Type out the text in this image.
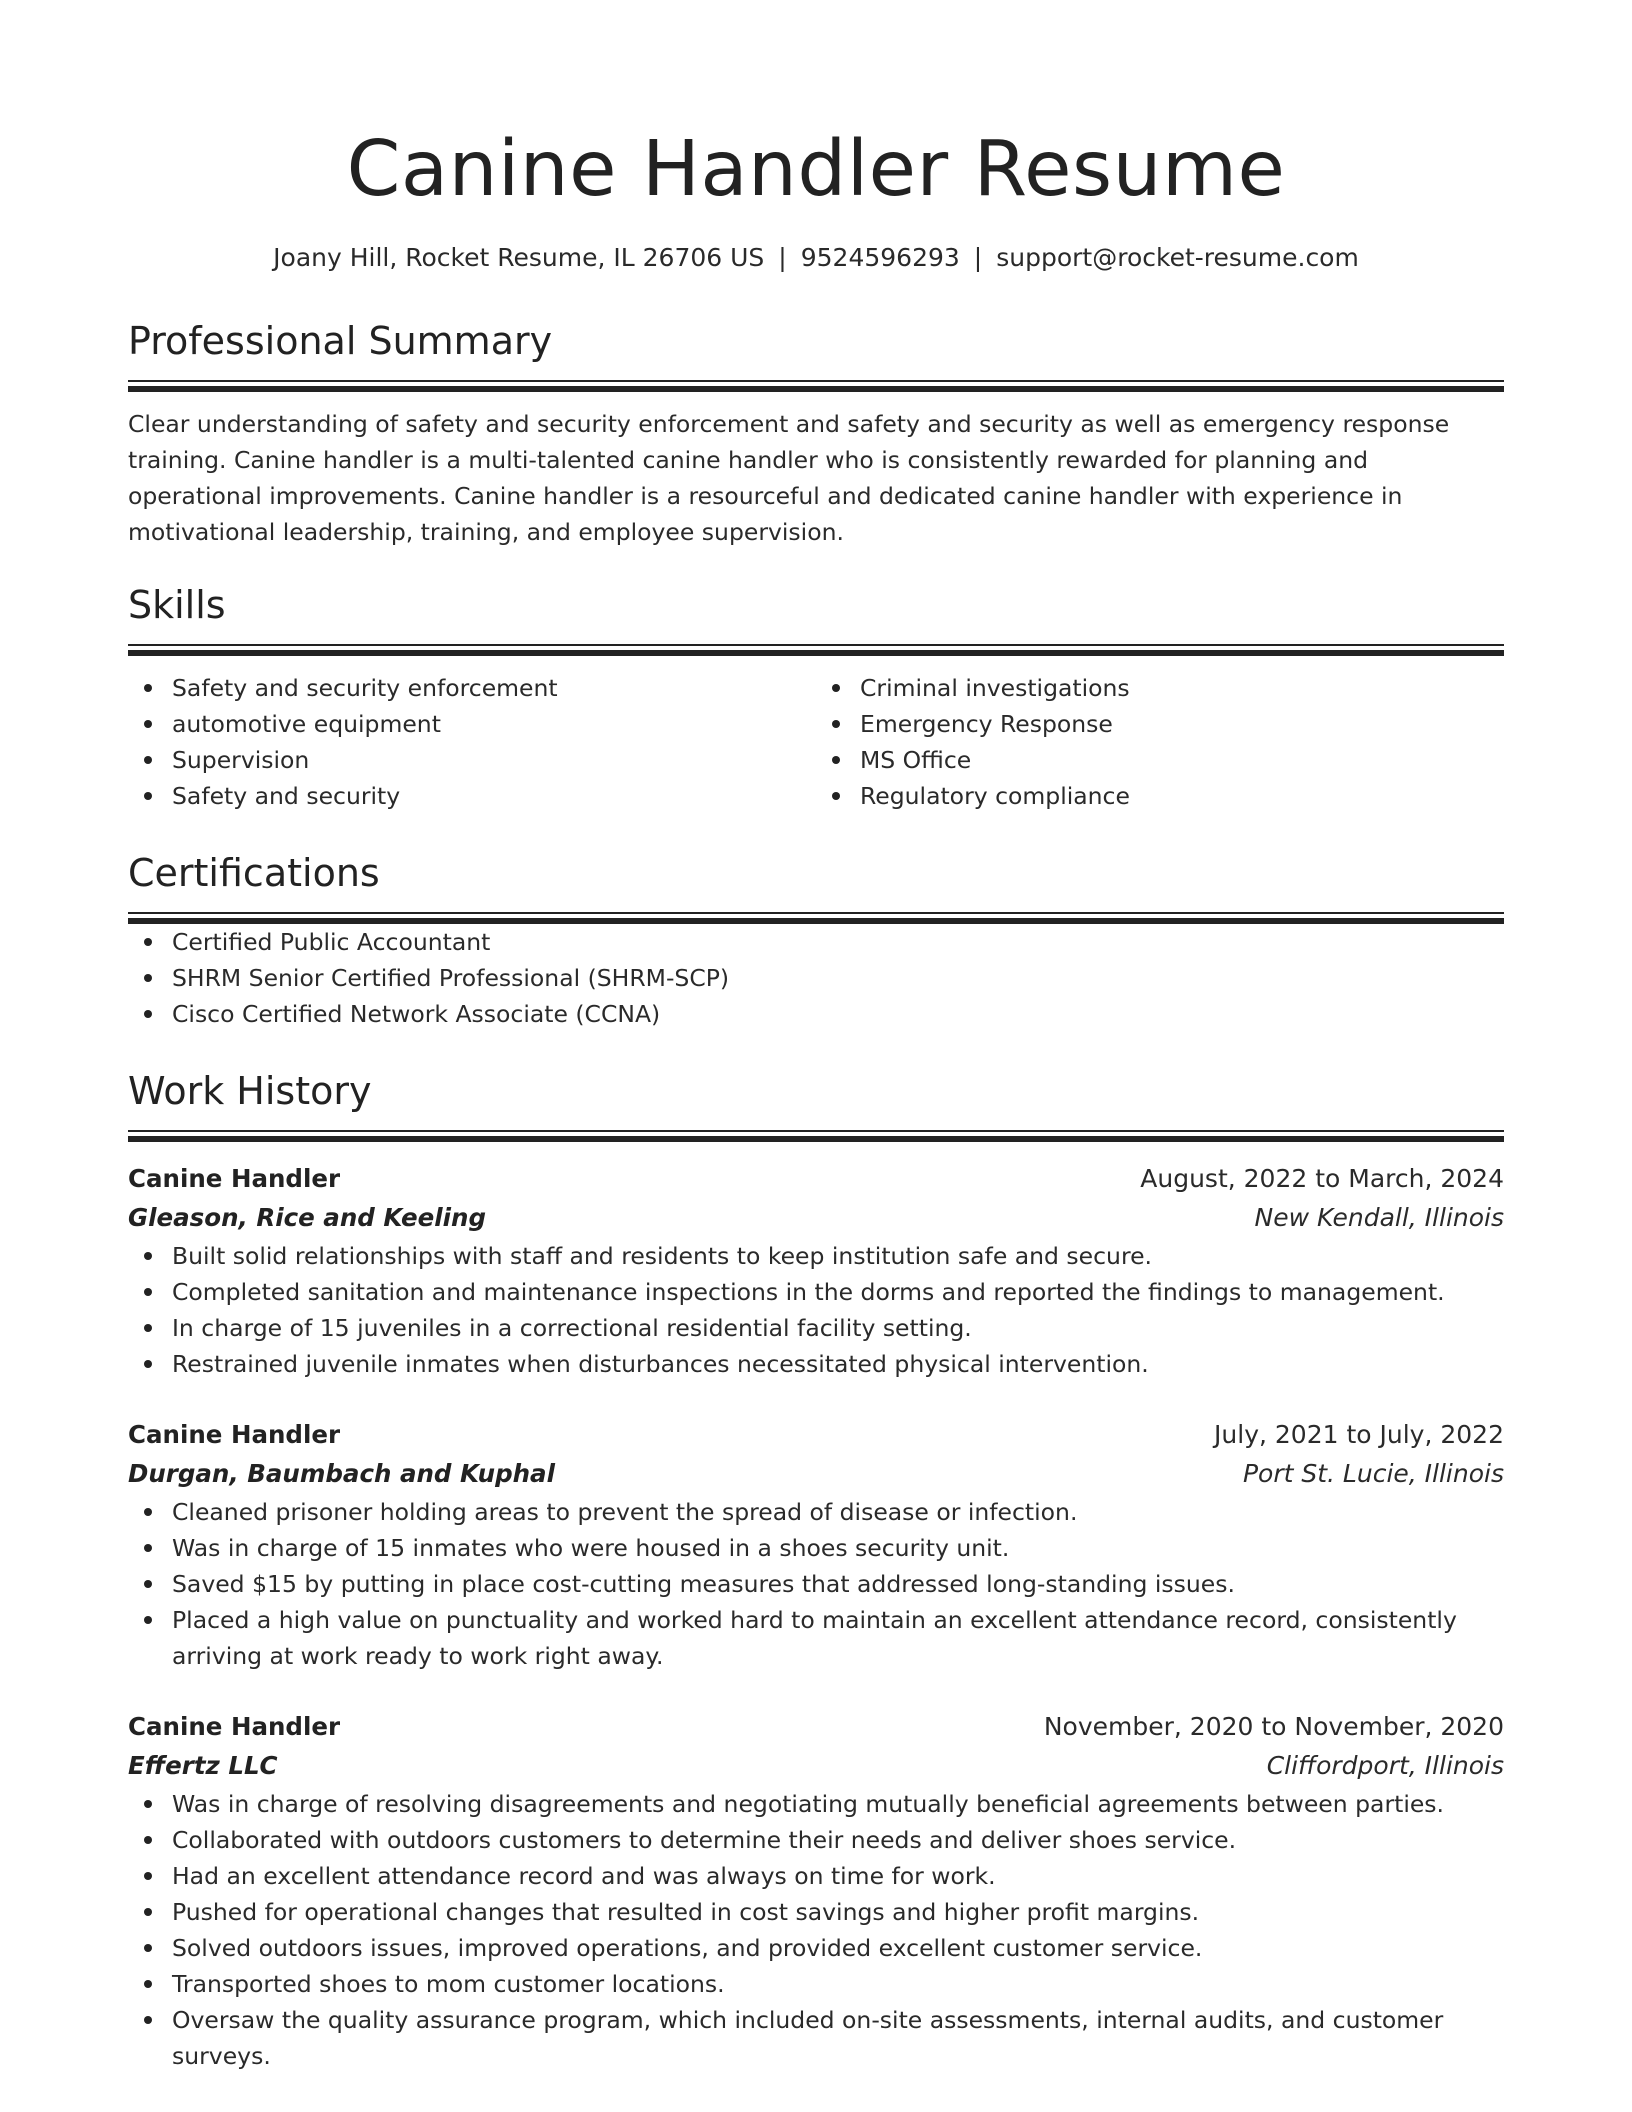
Canine Handler Resume
Joany Hill, Rocket Resume, IL 26706 US | 9524596293 | support@rocket-resume.com
Professional Summary
Clear understanding of safety and security enforcement and safety and security as well as emergency response training. Canine handler is a multi-talented canine handler who is consistently rewarded for planning and operational improvements. Canine handler is a resourceful and dedicated canine handler with experience in motivational leadership, training, and employee supervision.
Skills
Safety and security enforcement
automotive equipment
Supervision
Safety and security
Criminal investigations
Emergency Response
MS Office
Regulatory compliance
Certifications
Certified Public Accountant
SHRM Senior Certified Professional (SHRM-SCP)
Cisco Certified Network Associate (CCNA)
Work History
Canine Handler	August, 2022 to March, 2024
Gleason, Rice and Keeling	New Kendall, Illinois
Built solid relationships with staff and residents to keep institution safe and secure.
Completed sanitation and maintenance inspections in the dorms and reported the findings to management.
In charge of 15 juveniles in a correctional residential facility setting.
Restrained juvenile inmates when disturbances necessitated physical intervention.
Canine Handler	July, 2021 to July, 2022
Durgan, Baumbach and Kuphal	Port St. Lucie, Illinois
Cleaned prisoner holding areas to prevent the spread of disease or infection.
Was in charge of 15 inmates who were housed in a shoes security unit.
Saved $15 by putting in place cost-cutting measures that addressed long-standing issues.
Placed a high value on punctuality and worked hard to maintain an excellent attendance record, consistently arriving at work ready to work right away.
Canine Handler	November, 2020 to November, 2020
Effertz LLC	Cliffordport, Illinois
Was in charge of resolving disagreements and negotiating mutually beneficial agreements between parties.
Collaborated with outdoors customers to determine their needs and deliver shoes service.
Had an excellent attendance record and was always on time for work.
Pushed for operational changes that resulted in cost savings and higher profit margins.
Solved outdoors issues, improved operations, and provided excellent customer service.
Transported shoes to mom customer locations.
Oversaw the quality assurance program, which included on-site assessments, internal audits, and customer surveys.
